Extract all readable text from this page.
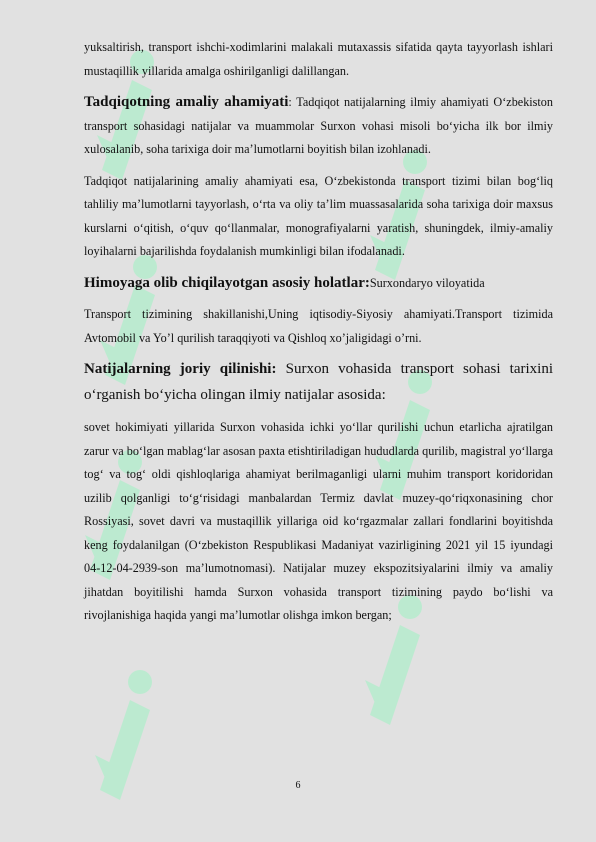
yuksaltirish, transport ishchi-xodimlarini malakali mutaxassis sifatida qayta tayyorlash ishlari mustaqillik yillarida amalga oshirilganligi dalillangan.

Tadqiqotning amaliy ahamiyati: Tadqiqot natijalarning ilmiy ahamiyati O‘zbekiston transport sohasidagi natijalar va muammolar Surxon vohasi misoli bo‘yicha ilk bor ilmiy xulosalanib, soha tarixiga doir ma’lumotlarni boyitish bilan izohlanadi.

Tadqiqot natijalarining amaliy ahamiyati esa, O‘zbekistonda transport tizimi bilan bog‘liq tahliliy ma’lumotlarni tayyorlash, o‘rta va oliy ta’lim muassasalarida soha tarixiga doir maxsus kurslarni o‘qitish, o‘quv qo‘llanmalar, monografiyalarni yaratish, shuningdek, ilmiy-amaliy loyihalarni bajarilishda foydalanish mumkinligi bilan ifodalanadi.

Himoyaga olib chiqilayotgan asosiy holatlar:Surxondaryo viloyatida

Transport tizimining shakillanishi,Uning iqtisodiy-Siyosiy ahamiyati.Transport tizimida Avtomobil va Yo’l qurilish taraqqiyoti va Qishloq xo’jaligidagi o’rni.

Natijalarning joriy qilinishi: Surxon vohasida transport sohasi tarixini o‘rganish bo‘yicha olingan ilmiy natijalar asosida:

sovet hokimiyati yillarida Surxon vohasida ichki yo‘llar qurilishi uchun etarlicha ajratilgan zarur va bo‘lgan mablag‘lar asosan paxta etishtiriladigan hududlarda qurilib, magistral yo‘llarga tog‘ va tog‘ oldi qishloqlariga ahamiyat berilmaganligi ularni muhim transport koridoridan uzilib qolganligi to‘g‘risidagi manbalardan Termiz davlat muzey-qo‘riqxonasining chor Rossiyasi, sovet davri va mustaqillik yillariga oid ko‘rgazmalar zallari fondlarini boyitishda keng foydalanilgan (O‘zbekiston Respublikasi Madaniyat vazirligining 2021 yil 15 iyundagi 04-12-04-2939-son ma’lumotnomasi). Natijalar muzey ekspozitsiyalarini ilmiy va amaliy jihatdan boyitilishi hamda Surxon vohasida transport tizimining paydo bo‘lishi va rivojlanishiga haqida yangi ma’lumotlar olishga imkon bergan;

6
